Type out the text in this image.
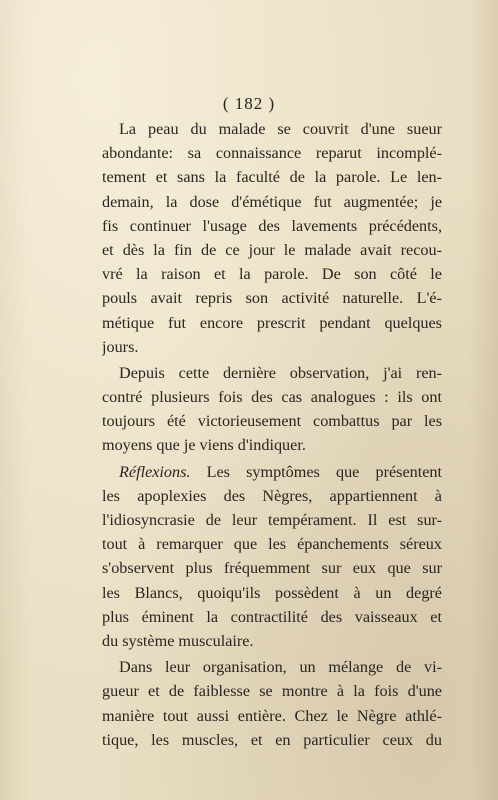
( 182 )
La peau du malade se couvrit d'une sueur
abondante: sa connaissance reparut incomplé-
tement et sans la faculté de la parole. Le len-
demain, la dose d'émétique fut augmentée; je
fis continuer l'usage des lavements précédents,
et dès la fin de ce jour le malade avait recou-
vré la raison et la parole. De son côté le
pouls avait repris son activité naturelle. L'é-
métique fut encore prescrit pendant quelques
jours.
Depuis cette dernière observation, j'ai ren-
contré plusieurs fois des cas analogues : ils ont
toujours été victorieusement combattus par les
moyens que je viens d'indiquer.
Réflexions. Les symptômes que présentent
les apoplexies des Nègres, appartiennent à
l'idiosyncrasie de leur tempérament. Il est sur-
tout à remarquer que les épanchements séreux
s'observent plus fréquemment sur eux que sur
les Blancs, quoiqu'ils possèdent à un degré
plus éminent la contractilité des vaisseaux et
du système musculaire.
Dans leur organisation, un mélange de vi-
gueur et de faiblesse se montre à la fois d'une
manière tout aussi entière. Chez le Nègre athlé-
tique, les muscles, et en particulier ceux du
